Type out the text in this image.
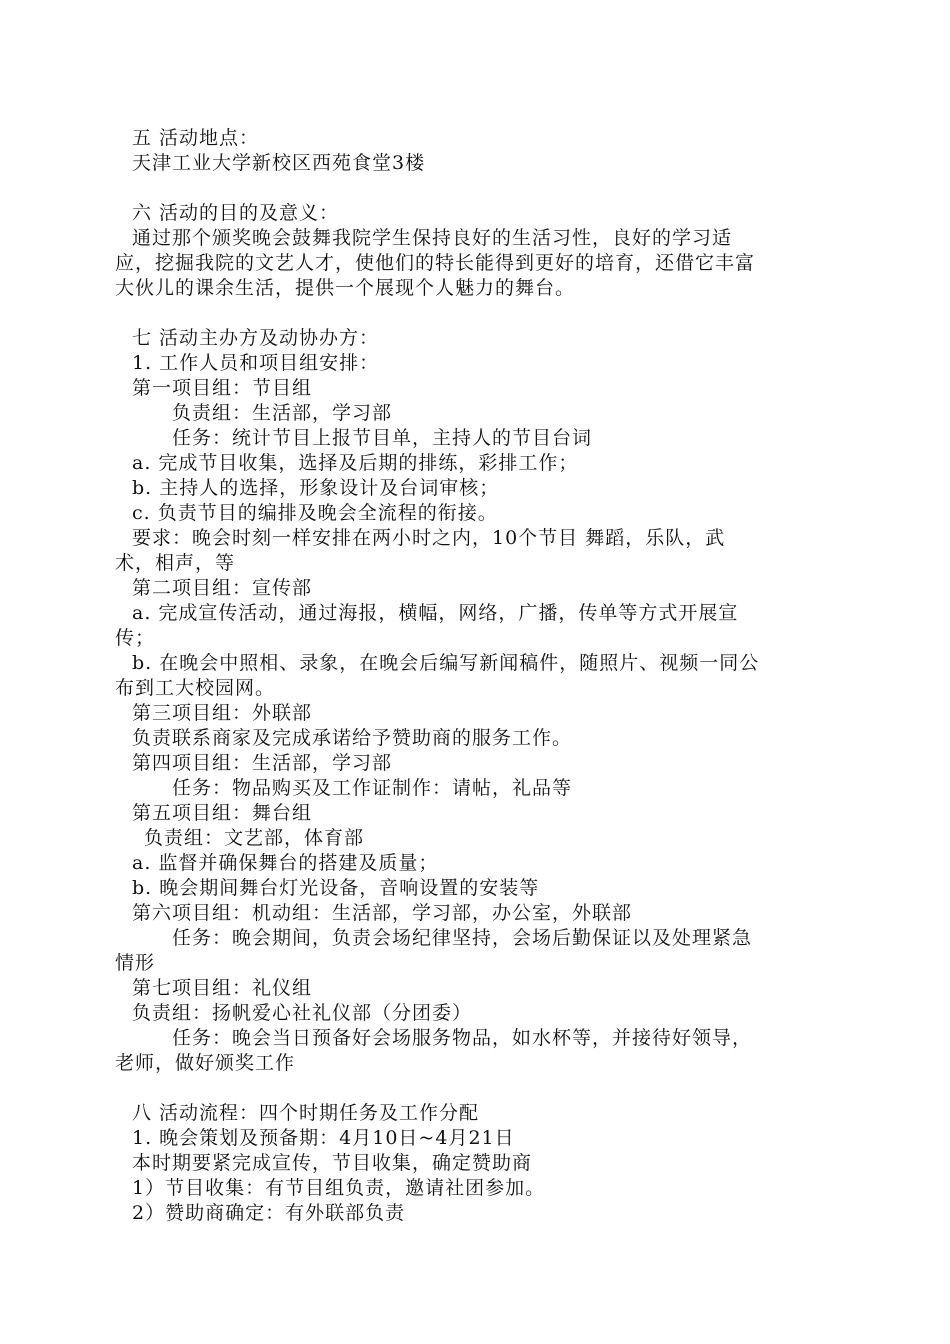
五 活动地点：
天津工业大学新校区西苑食堂3楼
六 活动的目的及意义：
通过那个颁奖晚会鼓舞我院学生保持良好的生活习性，良好的学习适
应，挖掘我院的文艺人才，使他们的特长能得到更好的培育，还借它丰富
大伙儿的课余生活，提供一个展现个人魅力的舞台。
七 活动主办方及动协办方：
1. 工作人员和项目组安排：
第一项目组：节目组
负责组：生活部，学习部
任务：统计节目上报节目单，主持人的节目台词
a. 完成节目收集，选择及后期的排练，彩排工作；
b. 主持人的选择，形象设计及台词审核；
c. 负责节目的编排及晚会全流程的衔接。
要求：晚会时刻一样安排在两小时之内，10个节目 舞蹈，乐队，武
术，相声，等
第二项目组：宣传部
a. 完成宣传活动，通过海报，横幅，网络，广播，传单等方式开展宣
传；
b. 在晚会中照相、录象，在晚会后编写新闻稿件，随照片、视频一同公
布到工大校园网。
第三项目组：外联部
负责联系商家及完成承诺给予赞助商的服务工作。
第四项目组：生活部，学习部
任务：物品购买及工作证制作：请帖，礼品等
第五项目组：舞台组
负责组：文艺部，体育部
a. 监督并确保舞台的搭建及质量；
b. 晚会期间舞台灯光设备，音响设置的安装等
第六项目组：机动组：生活部，学习部，办公室，外联部
任务：晚会期间，负责会场纪律坚持，会场后勤保证以及处理紧急
情形
第七项目组：礼仪组
负责组：扬帆爱心社礼仪部（分团委）
任务：晚会当日预备好会场服务物品，如水杯等，并接待好领导，
老师，做好颁奖工作
八 活动流程：四个时期任务及工作分配
1. 晚会策划及预备期：4月10日~4月21日
本时期要紧完成宣传，节目收集，确定赞助商
1）节目收集：有节目组负责，邀请社团参加。
2）赞助商确定：有外联部负责
